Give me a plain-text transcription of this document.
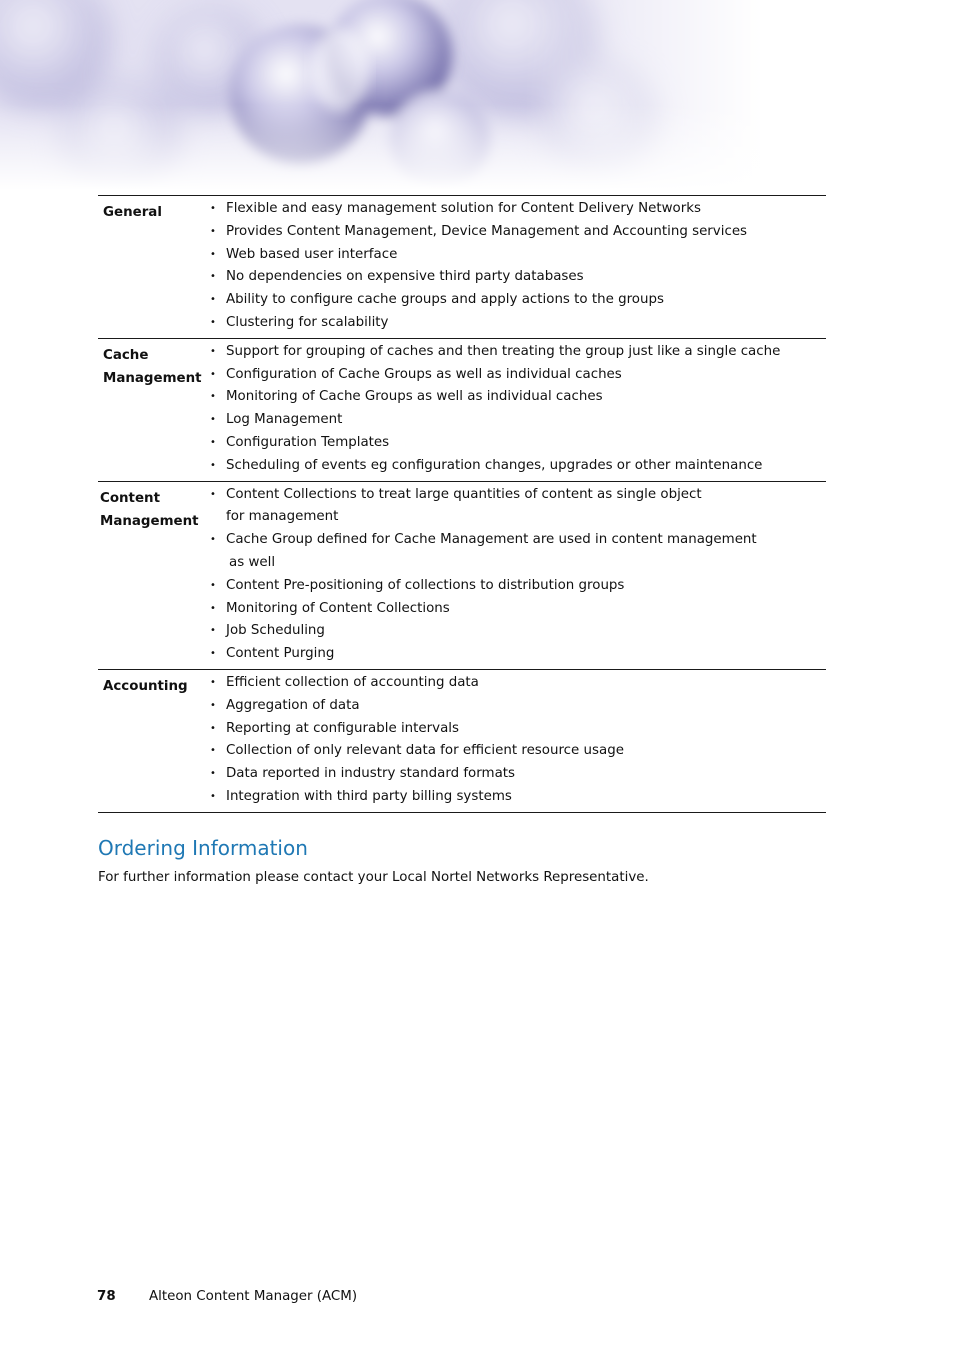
General	• Flexible and easy management solution for Content Delivery Networks
• Provides Content Management, Device Management and Accounting services
• Web based user interface
• No dependencies on expensive third party databases
• Ability to configure cache groups and apply actions to the groups
• Clustering for scalability
Cache
Management
• Support for grouping of caches and then treating the group just like a single cache
• Configuration of Cache Groups as well as individual caches
• Monitoring of Cache Groups as well as individual caches
• Log Management
• Configuration Templates
• Scheduling of events eg configuration changes, upgrades or other maintenance
Content
Management
• Content Collections to treat large quantities of content as single object
for management
• Cache Group defined for Cache Management are used in content management
as well
• Content Pre-positioning of collections to distribution groups
• Monitoring of Content Collections
• Job Scheduling
• Content Purging
Accounting	• Efficient collection of accounting data
• Aggregation of data
• Reporting at configurable intervals
• Collection of only relevant data for efficient resource usage
• Data reported in industry standard formats
• Integration with third party billing systems
Ordering Information

For further information please contact your Local Nortel Networks Representative.

78 Alteon Content Manager (ACM)
